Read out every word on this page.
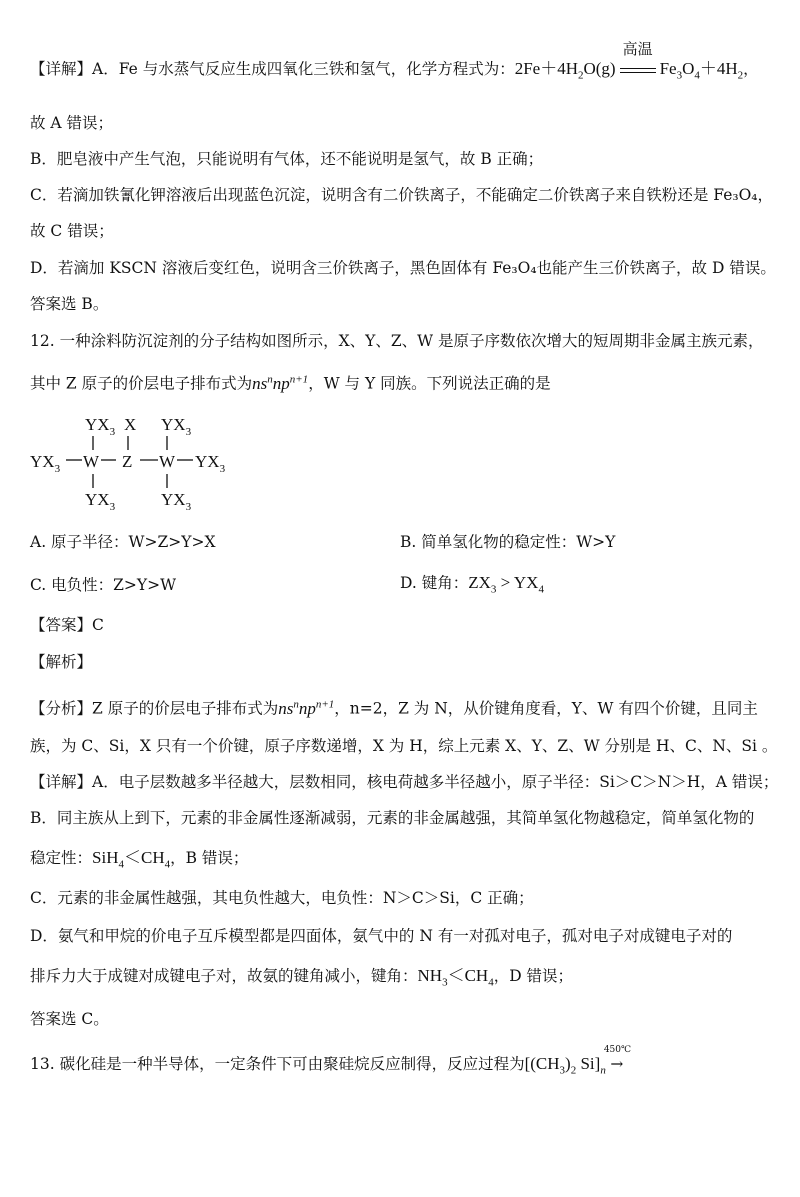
【详解】A．Fe 与水蒸气反应生成四氧化三铁和氢气，化学方程式为：$2Fe+4H_2O(g)$
高温
$Fe_3O_4+4H_2$，
故 A 错误；
B．肥皂液中产生气泡，只能说明有气体，还不能说明是氢气，故 B 正确；
C．若滴加铁氰化钾溶液后出现蓝色沉淀，说明含有二价铁离子，不能确定二价铁离子来自铁粉还是 Fe₃O₄，
故 C 错误；
D．若滴加 KSCN 溶液后变红色，说明含三价铁离子，黑色固体有 Fe₃O₄也能产生三价铁离子，故 D 错误。
答案选 B。
12. 一种涂料防沉淀剂的分子结构如图所示，X、Y、Z、W 是原子序数依次增大的短周期非金属主族元素，
其中 Z 原子的价层电子排布式为$ns^nnp^{n+1}$，W 与 Y 同族。下列说法正确的是
$YX_3$ X $YX_3$
$YX_3$ W Z W $YX_3$
$YX_3$	$YX_3$
A. 原子半径：W>Z>Y>X	B. 简单氢化物的稳定性：W>Y
C. 电负性：Z>Y>W	D. 键角：$ZX_3 > YX_4$
【答案】C
【解析】
【分析】Z 原子的价层电子排布式为$ns^nnp^{n+1}$，n=2，Z 为 N，从价键角度看，Y、W 有四个价键，且同主
族，为 C、Si，X 只有一个价键，原子序数递增，X 为 H，综上元素 X、Y、Z、W 分别是 H、C、N、Si 。
【详解】A．电子层数越多半径越大，层数相同，核电荷越多半径越小，原子半径：Si＞C＞N＞H，A 错误；
B．同主族从上到下，元素的非金属性逐渐减弱，元素的非金属越强，其简单氢化物越稳定，简单氢化物的
稳定性：$SiH_4<CH_4$，B 错误；
C．元素的非金属性越强，其电负性越大，电负性：N＞C＞Si，C 正确；
D．氨气和甲烷的价电子互斥模型都是四面体，氨气中的 N 有一对孤对电子，孤对电子对成键电子对的
排斥力大于成键对成键电子对，故氨的键角减小，键角：$NH_3<CH_4$，D 错误；
答案选 C。
13. 碳化硅是一种半导体，一定条件下可由聚硅烷反应制得，反应过程为[$(CH_3)_2$ $Si]_n$
450℃
→
